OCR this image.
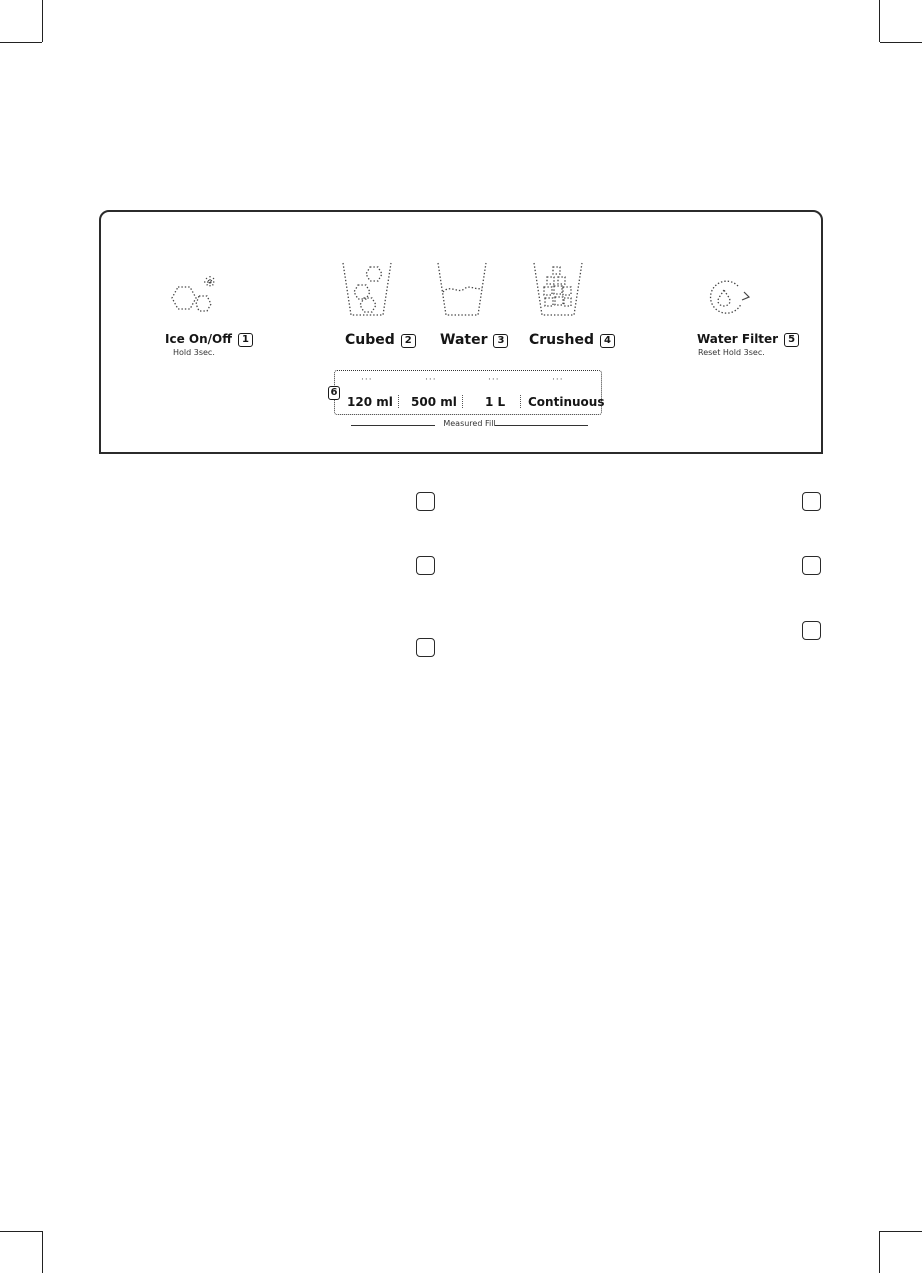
Ice On/Off 1
Hold 3sec.
Cubed 2 Water 3 Crushed 4	Water Filter 5
Reset Hold 3sec.
6
···	···	···	···
120 ml 500 ml 1 L Continuous
Measured Fill
